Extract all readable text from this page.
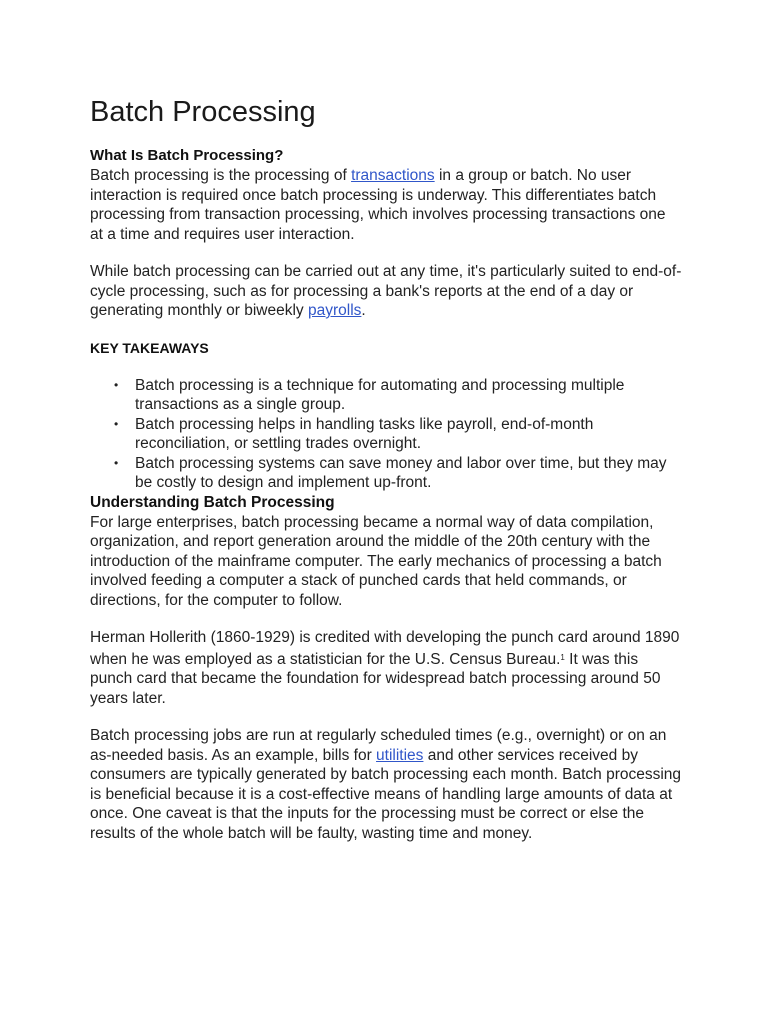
Batch Processing
What Is Batch Processing?

Batch processing is the processing of transactions in a group or batch. No user interaction is required once batch processing is underway. This differentiates batch processing from transaction processing, which involves processing transactions one at a time and requires user interaction.

While batch processing can be carried out at any time, it's particularly suited to end-of-cycle processing, such as for processing a bank's reports at the end of a day or generating monthly or biweekly payrolls.

KEY TAKEAWAYS
• Batch processing is a technique for automating and processing multiple transactions as a single group.
• Batch processing helps in handling tasks like payroll, end-of-month reconciliation, or settling trades overnight.
• Batch processing systems can save money and labor over time, but they may be costly to design and implement up-front.
Understanding Batch Processing

For large enterprises, batch processing became a normal way of data compilation, organization, and report generation around the middle of the 20th century with the introduction of the mainframe computer. The early mechanics of processing a batch involved feeding a computer a stack of punched cards that held commands, or directions, for the computer to follow.

Herman Hollerith (1860-1929) is credited with developing the punch card around 1890 when he was employed as a statistician for the U.S. Census Bureau.$^1$ It was this punch card that became the foundation for widespread batch processing around 50 years later.

Batch processing jobs are run at regularly scheduled times (e.g., overnight) or on an as-needed basis. As an example, bills for utilities and other services received by consumers are typically generated by batch processing each month. Batch processing is beneficial because it is a cost-effective means of handling large amounts of data at once. One caveat is that the inputs for the processing must be correct or else the results of the whole batch will be faulty, wasting time and money.
